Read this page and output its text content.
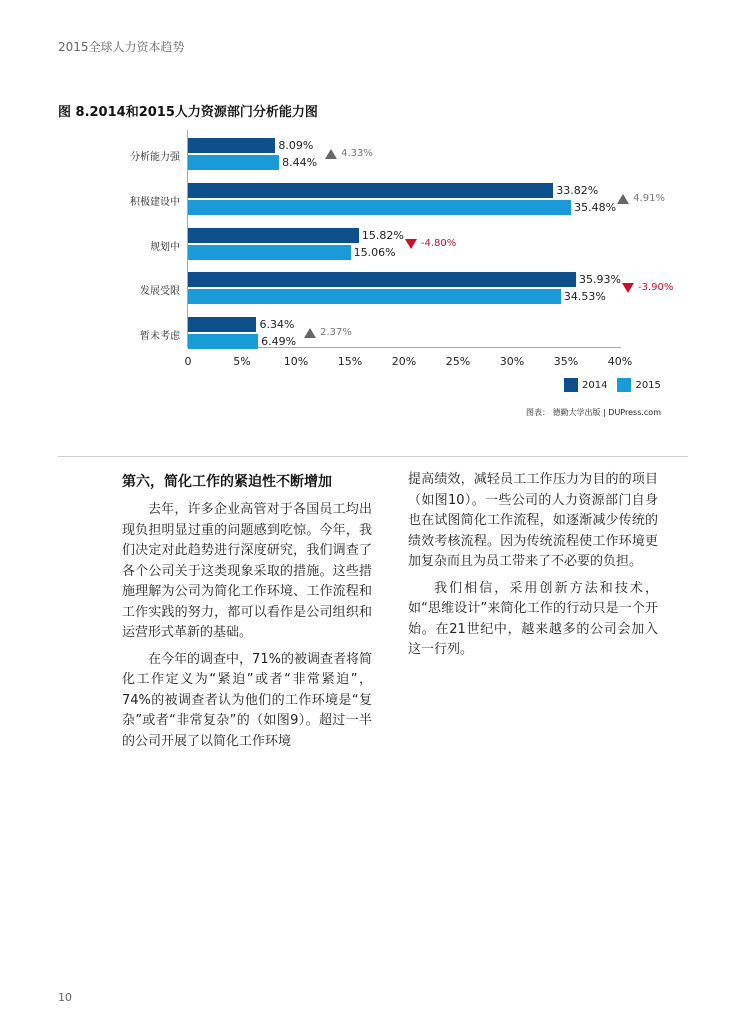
2015全球人力资本趋势
图 8.2014和2015人力资源部门分析能力图
分析能力强
8.09%
8.44%
4.33%
积极建设中
33.82%
35.48%
4.91%
规划中
15.82%
15.06%
-4.80%
发展受限
35.93%
34.53%
-3.90%
暂未考虑
6.34%
6.49%
2.37%
0	5%	10%	15%	20%	25%	30%	35%	40%
2014	2015
图表： 德勤大学出版 | DUPress.com
第六，简化工作的紧迫性不断增加

去年，许多企业高管对于各国员工均出现负担明显过重的问题感到吃惊。今年，我们决定对此趋势进行深度研究，我们调查了各个公司关于这类现象采取的措施。这些措施理解为公司为简化工作环境、工作流程和工作实践的努力，都可以看作是公司组织和运营形式革新的基础。

在今年的调查中，71%的被调查者将简化工作定义为“紧迫”或者“非常紧迫”，74%的被调查者认为他们的工作环境是“复杂”或者“非常复杂”的（如图9）。超过一半的公司开展了以简化工作环境

提高绩效，减轻员工工作压力为目的的项目（如图10）。一些公司的人力资源部门自身也在试图简化工作流程，如逐渐减少传统的绩效考核流程。因为传统流程使工作环境更加复杂而且为员工带来了不必要的负担。

我们相信，采用创新方法和技术，如“思维设计”来简化工作的行动只是一个开始。在21世纪中，越来越多的公司会加入这一行列。

10
